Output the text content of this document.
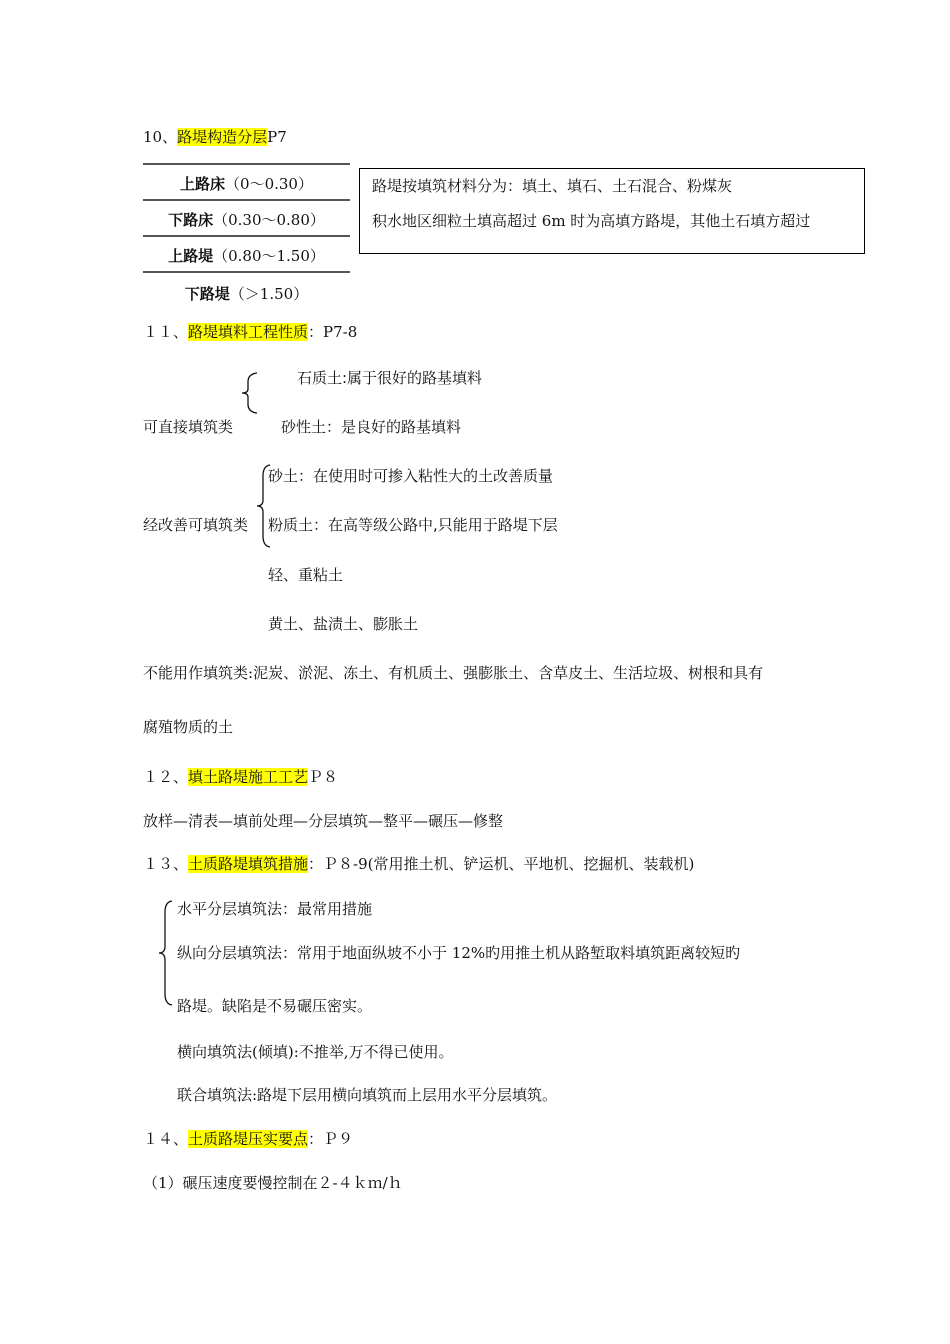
10、路堤构造分层P7
上路床（0～0.30）
下路床（0.30～0.80）
上路堤（0.80～1.50）
下路堤（＞1.50）
路堤按填筑材料分为：填土、填石、土石混合、粉煤灰
积水地区细粒土填高超过 6m 时为高填方路堤，其他土石填方超过
１１、路堤填料工程性质：P7-8
石质土:属于很好的路基填料
可直接填筑类	砂性土：是良好的路基填料
砂土：在使用时可掺入粘性大的土改善质量
经改善可填筑类 粉质土：在高等级公路中,只能用于路堤下层
轻、重粘土
黄土、盐渍土、膨胀土
不能用作填筑类:泥炭、淤泥、冻土、有机质土、强膨胀土、含草皮土、生活垃圾、树根和具有
腐殖物质的土
１２、填土路堤施工工艺Ｐ８
放样—清表—填前处理—分层填筑—整平—碾压—修整
１３、土质路堤填筑措施：Ｐ８-9(常用推土机、铲运机、平地机、挖掘机、装载机)
水平分层填筑法：最常用措施
纵向分层填筑法：常用于地面纵坡不小于 12%旳用推土机从路堑取料填筑距离较短旳
路堤。缺陷是不易碾压密实。
横向填筑法(倾填):不推举,万不得已使用。
联合填筑法:路堤下层用横向填筑而上层用水平分层填筑。
１４、土质路堤压实要点：Ｐ９
（1）碾压速度要慢控制在２-４ｋｍ/ｈ
